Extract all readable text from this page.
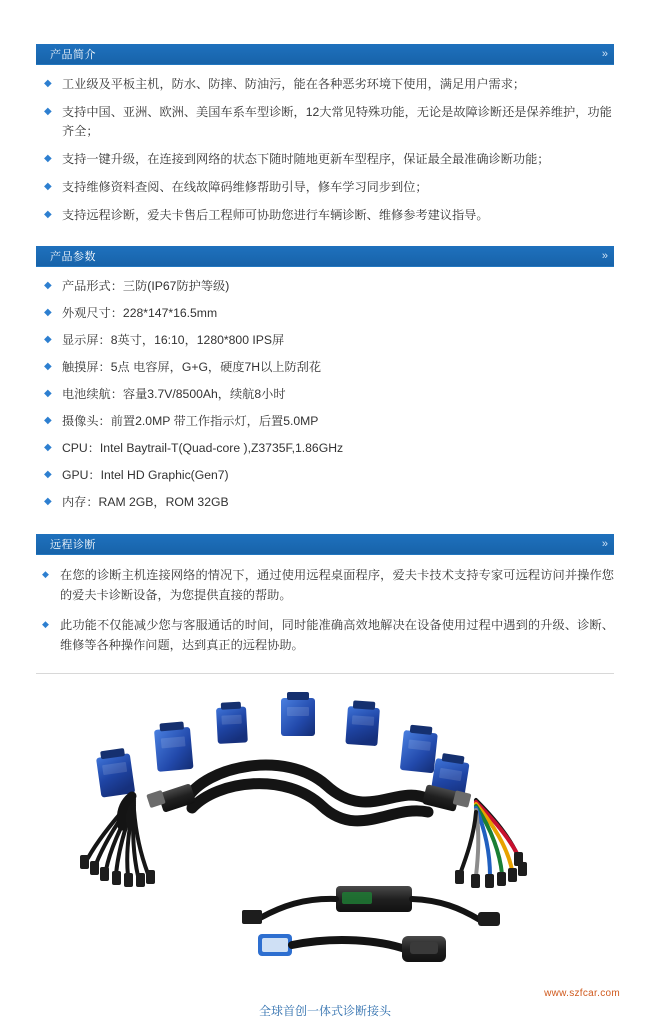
产品简介	»
◆ 工业级及平板主机，防水、防摔、防油污，能在各种恶劣环境下使用，满足用户需求；
◆ 支持中国、亚洲、欧洲、美国车系车型诊断，12大常见特殊功能，无论是故障诊断还是保养维护，功能齐全；
◆ 支持一键升级，在连接到网络的状态下随时随地更新车型程序，保证最全最准确诊断功能；
◆ 支持维修资料查阅、在线故障码维修帮助引导，修车学习同步到位；
◆ 支持远程诊断，爱夫卡售后工程师可协助您进行车辆诊断、维修参考建议指导。
产品参数	»
◆ 产品形式：三防(IP67防护等级)
◆ 外观尺寸：228*147*16.5mm
◆ 显示屏：8英寸，16:10，1280*800 IPS屏
◆ 触摸屏：5点 电容屏，G+G，硬度7H以上防刮花
◆ 电池续航：容量3.7V/8500Ah，续航8小时
◆ 摄像头：前置2.0MP 带工作指示灯，后置5.0MP
◆ CPU：Intel Baytrail-T(Quad-core ),Z3735F,1.86GHz
◆ GPU：Intel HD Graphic(Gen7)
◆ 内存：RAM 2GB，ROM 32GB
远程诊断	»
◆ 在您的诊断主机连接网络的情况下，通过使用远程桌面程序，爱夫卡技术支持专家可远程访问并操作您的爱夫卡诊断设备，为您提供直接的帮助。
◆ 此功能不仅能减少您与客服通话的时间，同时能准确高效地解决在设备使用过程中遇到的升级、诊断、维修等各种操作问题，达到真正的远程协助。
全球首创一体式诊断接头
www.szfcar.com
